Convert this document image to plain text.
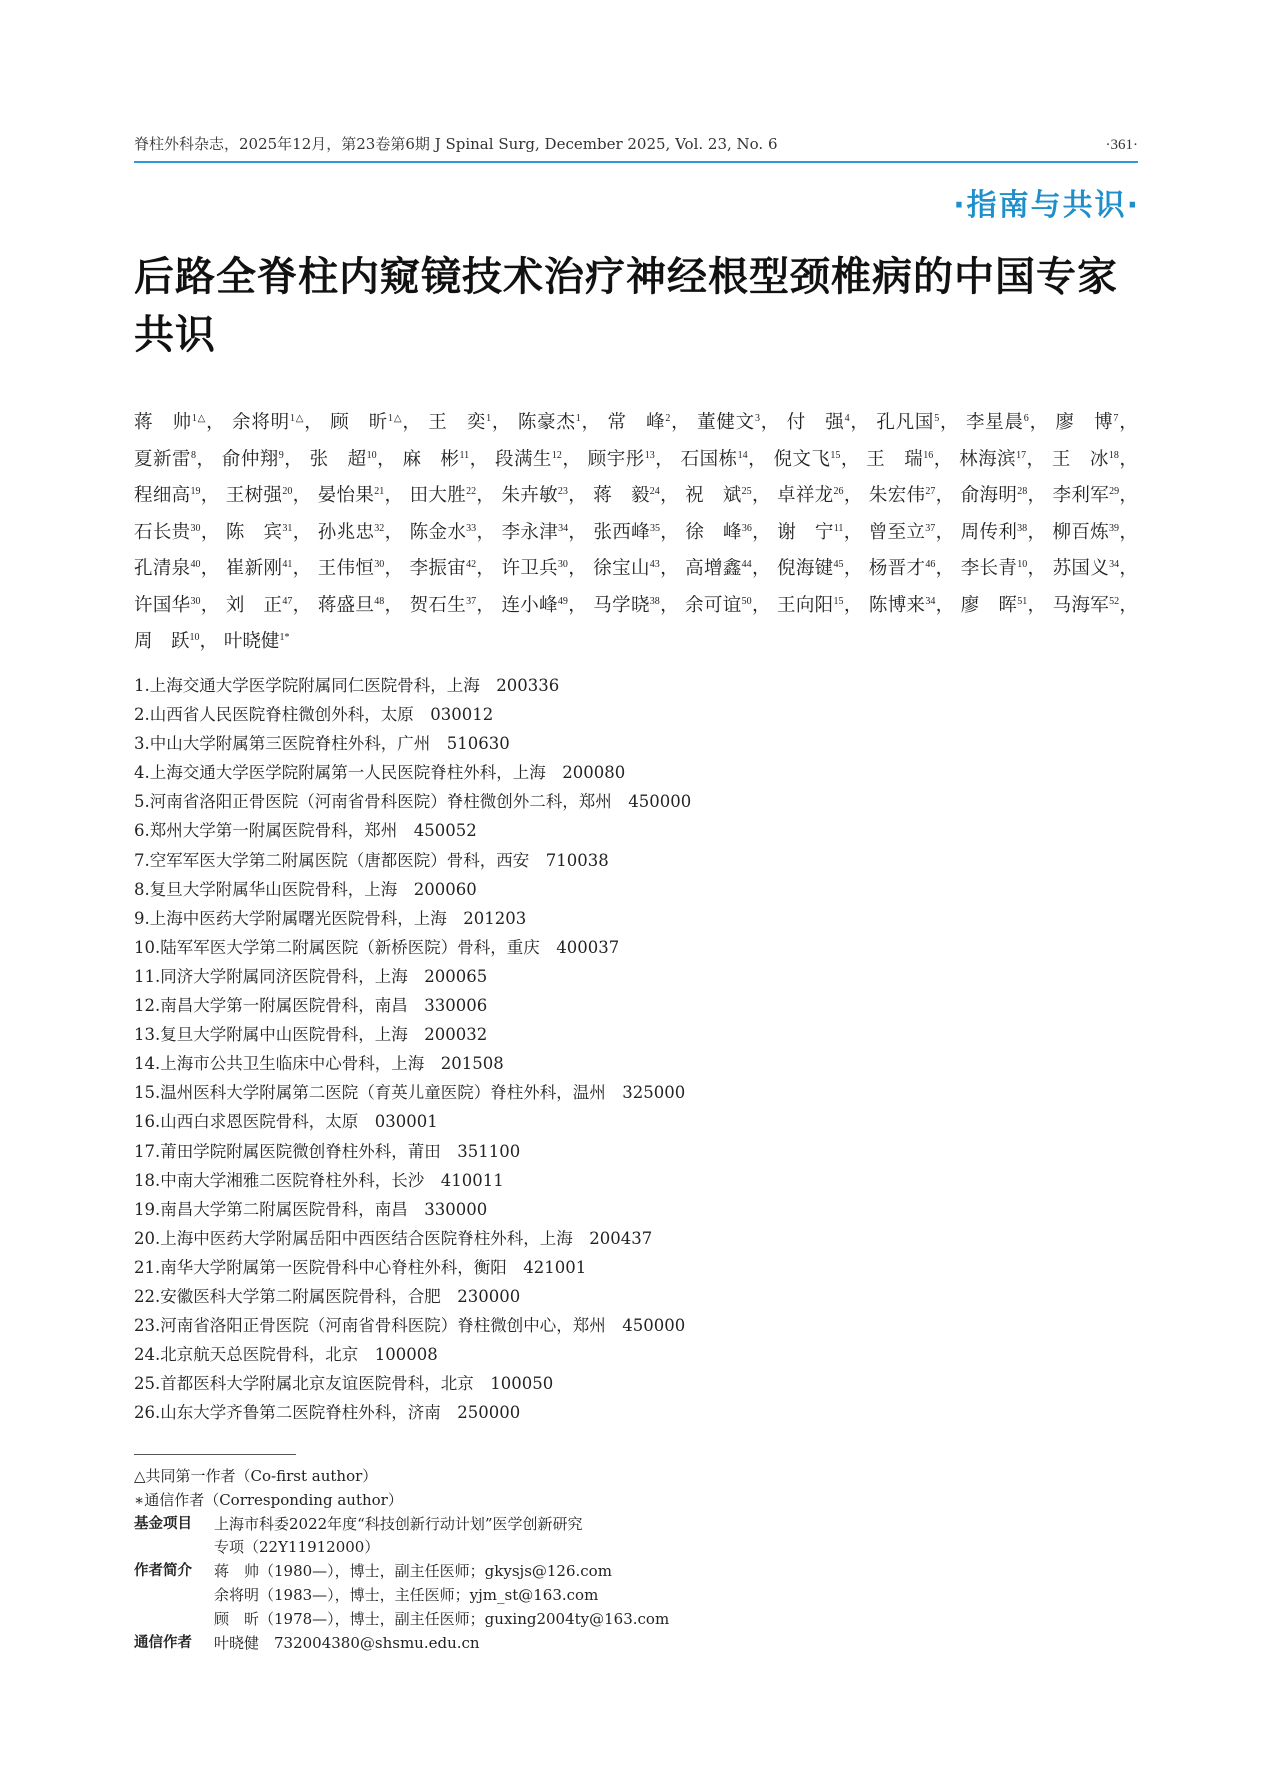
脊柱外科杂志，2025年12月，第23卷第6期 J Spinal Surg, December 2025, Vol. 23, No. 6	·361·
·指南与共识·
后路全脊柱内窥镜技术治疗神经根型颈椎病的中国专家共识
蒋　帅$^{1\triangle}$， 余将明$^{1\triangle}$， 顾　昕$^{1\triangle}$， 王　奕$^1$， 陈豪杰$^1$， 常　峰$^2$， 董健文$^3$， 付　强$^4$， 孔凡国$^5$， 李星晨$^6$， 廖　博$^7$， 夏新雷$^8$， 俞仲翔$^9$， 张　超$^{10}$， 麻　彬$^{11}$， 段满生$^{12}$， 顾宇彤$^{13}$， 石国栋$^{14}$， 倪文飞$^{15}$， 王　瑞$^{16}$， 林海滨$^{17}$， 王　冰$^{18}$， 程细高$^{19}$， 王树强$^{20}$， 晏怡果$^{21}$， 田大胜$^{22}$， 朱卉敏$^{23}$， 蒋　毅$^{24}$， 祝　斌$^{25}$， 卓祥龙$^{26}$， 朱宏伟$^{27}$， 俞海明$^{28}$， 李利军$^{29}$， 石长贵$^{30}$， 陈　宾$^{31}$， 孙兆忠$^{32}$， 陈金水$^{33}$， 李永津$^{34}$， 张西峰$^{35}$， 徐　峰$^{36}$， 谢　宁$^{11}$， 曾至立$^{37}$， 周传利$^{38}$， 柳百炼$^{39}$， 孔清泉$^{40}$， 崔新刚$^{41}$， 王伟恒$^{30}$， 李振宙$^{42}$， 许卫兵$^{30}$， 徐宝山$^{43}$， 高增鑫$^{44}$， 倪海键$^{45}$， 杨晋才$^{46}$， 李长青$^{10}$， 苏国义$^{34}$， 许国华$^{30}$， 刘　正$^{47}$， 蒋盛旦$^{48}$， 贺石生$^{37}$， 连小峰$^{49}$， 马学晓$^{38}$， 余可谊$^{50}$， 王向阳$^{15}$， 陈博来$^{34}$， 廖　晖$^{51}$， 马海军$^{52}$， 周　跃$^{10}$， 叶晓健$^{1*}$
1.上海交通大学医学院附属同仁医院骨科，上海　200336
2.山西省人民医院脊柱微创外科，太原　030012
3.中山大学附属第三医院脊柱外科，广州　510630
4.上海交通大学医学院附属第一人民医院脊柱外科，上海　200080
5.河南省洛阳正骨医院（河南省骨科医院）脊柱微创外二科，郑州　450000
6.郑州大学第一附属医院骨科，郑州　450052
7.空军军医大学第二附属医院（唐都医院）骨科，西安　710038
8.复旦大学附属华山医院骨科，上海　200060
9.上海中医药大学附属曙光医院骨科，上海　201203
10.陆军军医大学第二附属医院（新桥医院）骨科，重庆　400037
11.同济大学附属同济医院骨科，上海　200065
12.南昌大学第一附属医院骨科，南昌　330006
13.复旦大学附属中山医院骨科，上海　200032
14.上海市公共卫生临床中心骨科，上海　201508
15.温州医科大学附属第二医院（育英儿童医院）脊柱外科，温州　325000
16.山西白求恩医院骨科，太原　030001
17.莆田学院附属医院微创脊柱外科，莆田　351100
18.中南大学湘雅二医院脊柱外科，长沙　410011
19.南昌大学第二附属医院骨科，南昌　330000
20.上海中医药大学附属岳阳中西医结合医院脊柱外科，上海　200437
21.南华大学附属第一医院骨科中心脊柱外科，衡阳　421001
22.安徽医科大学第二附属医院骨科，合肥　230000
23.河南省洛阳正骨医院（河南省骨科医院）脊柱微创中心，郑州　450000
24.北京航天总医院骨科，北京　100008
25.首都医科大学附属北京友谊医院骨科，北京　100050
26.山东大学齐鲁第二医院脊柱外科，济南　250000
△共同第一作者（Co-first author）
∗通信作者（Corresponding author）
基金项目	上海市科委2022年度“科技创新行动计划”医学创新研究
专项（22Y11912000）
作者简介	蒋　帅（1980—），博士，副主任医师；gkysjs@126.com
余将明（1983—），博士，主任医师；yjm_st@163.com
顾　昕（1978—），博士，副主任医师；guxing2004ty@163.com
通信作者	叶晓健　732004380@shsmu.edu.cn
